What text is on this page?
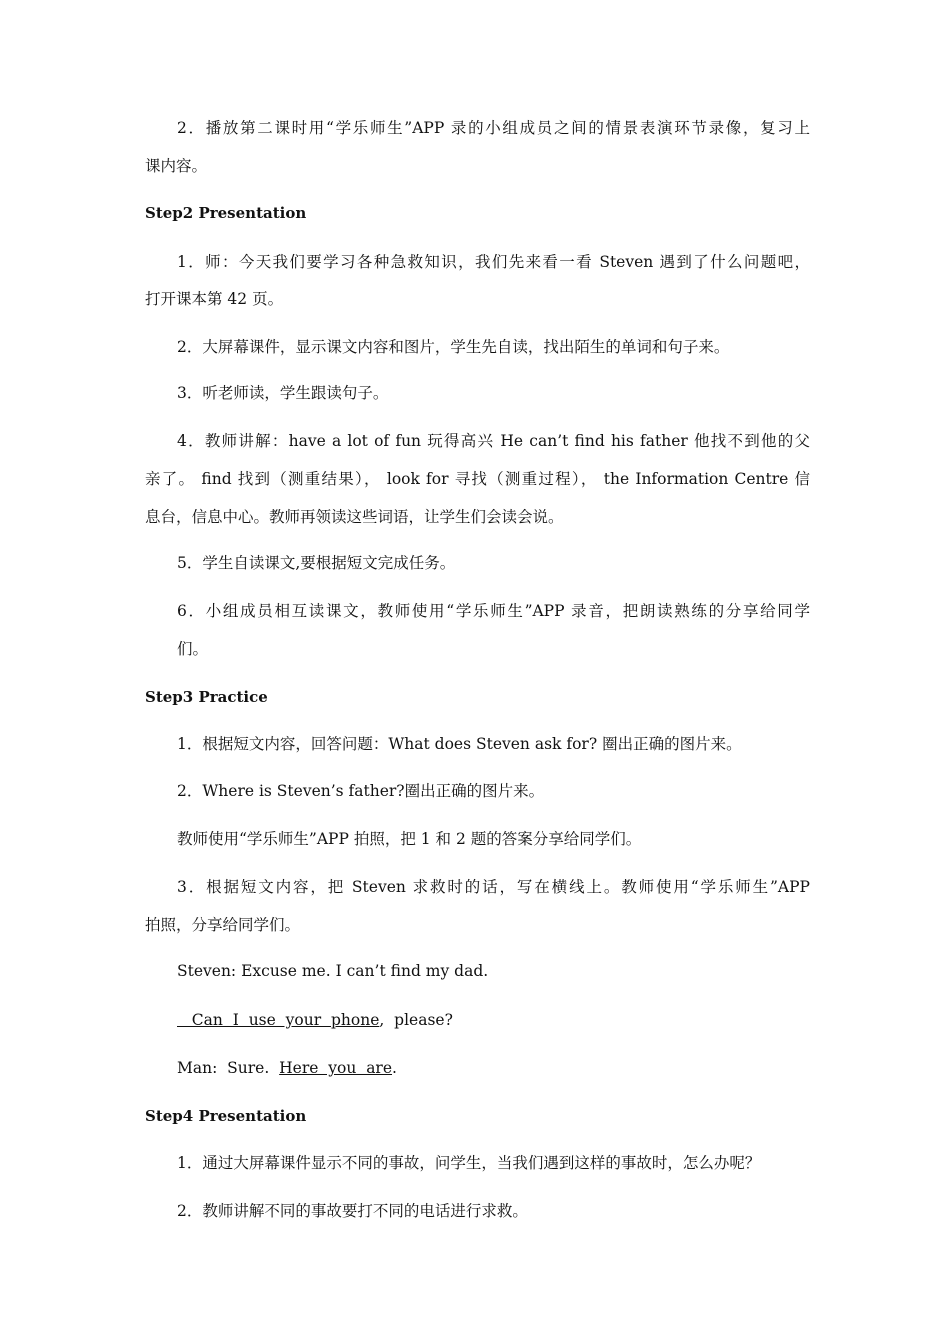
2．播放第二课时用“学乐师生”APP 录的小组成员之间的情景表演环节录像，复习上
课内容。
Step2 Presentation
1．师：今天我们要学习各种急救知识，我们先来看一看 Steven 遇到了什么问题吧，
打开课本第 42 页。
2．大屏幕课件，显示课文内容和图片，学生先自读，找出陌生的单词和句子来。
3．听老师读，学生跟读句子。
4．教师讲解：have a lot of fun 玩得高兴 He can’t find his father 他找不到他的父
亲了。 find 找到（测重结果）， look for 寻找（测重过程）， the Information Centre 信
息台，信息中心。教师再领读这些词语，让学生们会读会说。
5．学生自读课文,要根据短文完成任务。
6．小组成员相互读课文，教师使用“学乐师生”APP 录音，把朗读熟练的分享给同学
们。
Step3 Practice
1．根据短文内容，回答问题：What does Steven ask for? 圈出正确的图片来。
2．Where is Steven’s father?圈出正确的图片来。
教师使用“学乐师生”APP 拍照，把 1 和 2 题的答案分享给同学们。
3．根据短文内容，把 Steven 求救时的话，写在横线上。教师使用“学乐师生”APP
拍照，分享给同学们。
Steven: Excuse me. I can’t find my dad.
Can  I  use  your  phone,  please?
Man:  Sure.  Here  you  are.
Step4 Presentation
1．通过大屏幕课件显示不同的事故，问学生，当我们遇到这样的事故时，怎么办呢？
2．教师讲解不同的事故要打不同的电话进行求救。
